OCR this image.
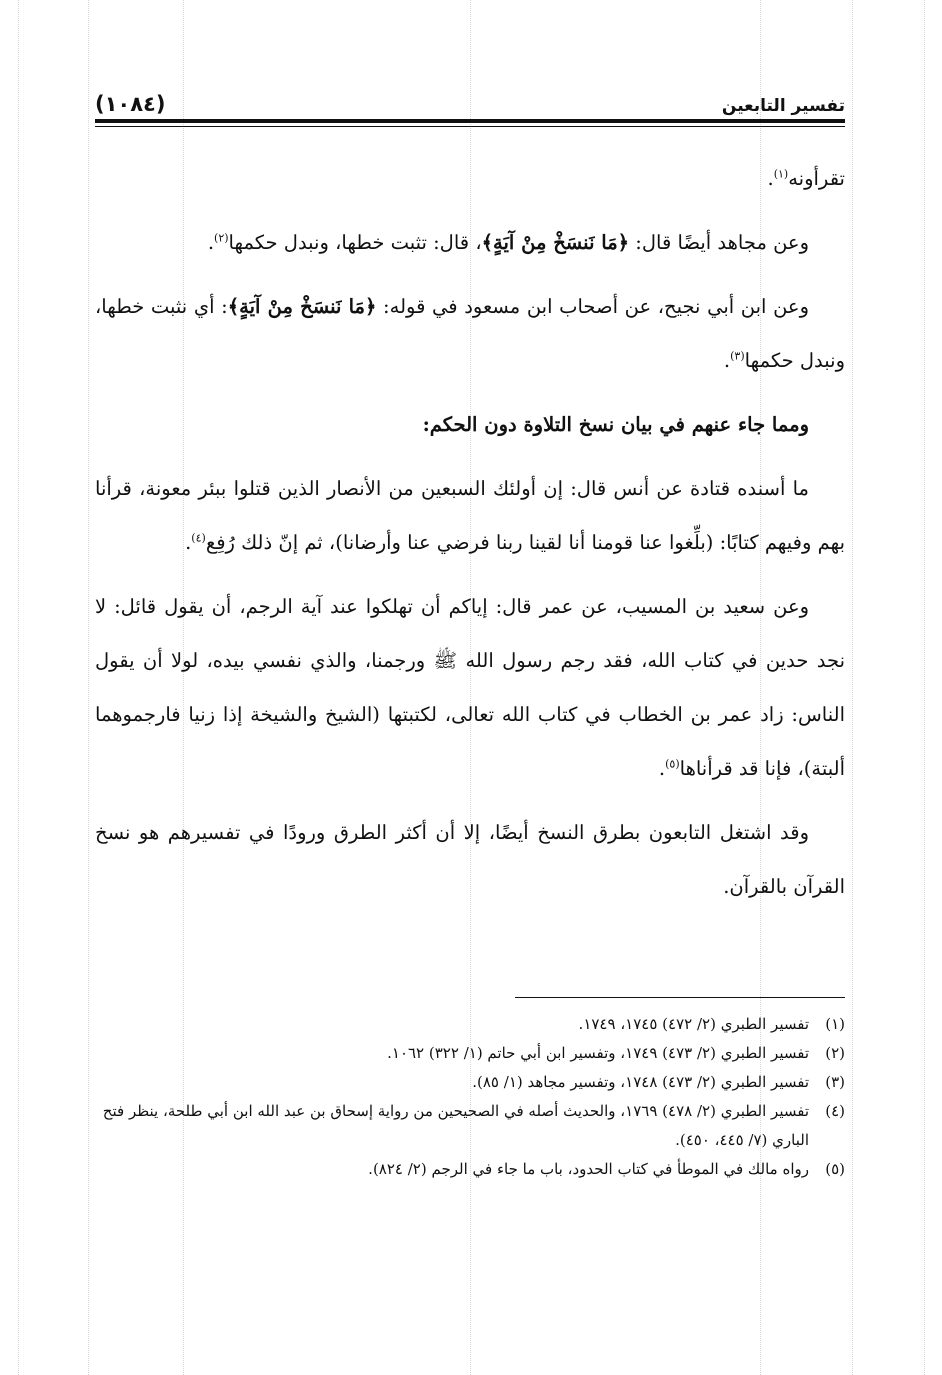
(١٠٨٤)	تفسير التابعين

تقرأونه$^{(١)}$.

وعن مجاهد أيضًا قال: ﴿مَا نَنسَخْ مِنْ آيَةٍ﴾، قال: تثبت خطها، ونبدل حكمها$^{(٢)}$.

وعن ابن أبي نجيح، عن أصحاب ابن مسعود في قوله: ﴿مَا نَنسَخْ مِنْ آيَةٍ﴾: أي نثبت خطها، ونبدل حكمها$^{(٣)}$.

ومما جاء عنهم في بيان نسخ التلاوة دون الحكم:

ما أسنده قتادة عن أنس قال: إن أولئك السبعين من الأنصار الذين قتلوا ببئر معونة، قرأنا بهم وفيهم كتابًا: (بلِّغوا عنا قومنا أنا لقينا ربنا فرضي عنا وأرضانا)، ثم إنّ ذلك رُفِع$^{(٤)}$.

وعن سعيد بن المسيب، عن عمر قال: إياكم أن تهلكوا عند آية الرجم، أن يقول قائل: لا نجد حدين في كتاب الله، فقد رجم رسول الله ﷺ ورجمنا، والذي نفسي بيده، لولا أن يقول الناس: زاد عمر بن الخطاب في كتاب الله تعالى، لكتبتها (الشيخ والشيخة إذا زنيا فارجموهما ألبتة)، فإنا قد قرأناها$^{(٥)}$.

وقد اشتغل التابعون بطرق النسخ أيضًا، إلا أن أكثر الطرق ورودًا في تفسيرهم هو نسخ القرآن بالقرآن.

(١)تفسير الطبري (٢/ ٤٧٢) ١٧٤٥، ١٧٤٩.

(٢)تفسير الطبري (٢/ ٤٧٣) ١٧٤٩، وتفسير ابن أبي حاتم (١/ ٣٢٢) ١٠٦٢.

(٣)تفسير الطبري (٢/ ٤٧٣) ١٧٤٨، وتفسير مجاهد (١/ ٨٥).

(٤)تفسير الطبري (٢/ ٤٧٨) ١٧٦٩، والحديث أصله في الصحيحين من رواية إسحاق بن عبد الله ابن أبي طلحة، ينظر فتح الباري (٧/ ٤٤٥، ٤٥٠).

(٥)رواه مالك في الموطأ في كتاب الحدود، باب ما جاء في الرجم (٢/ ٨٢٤).
